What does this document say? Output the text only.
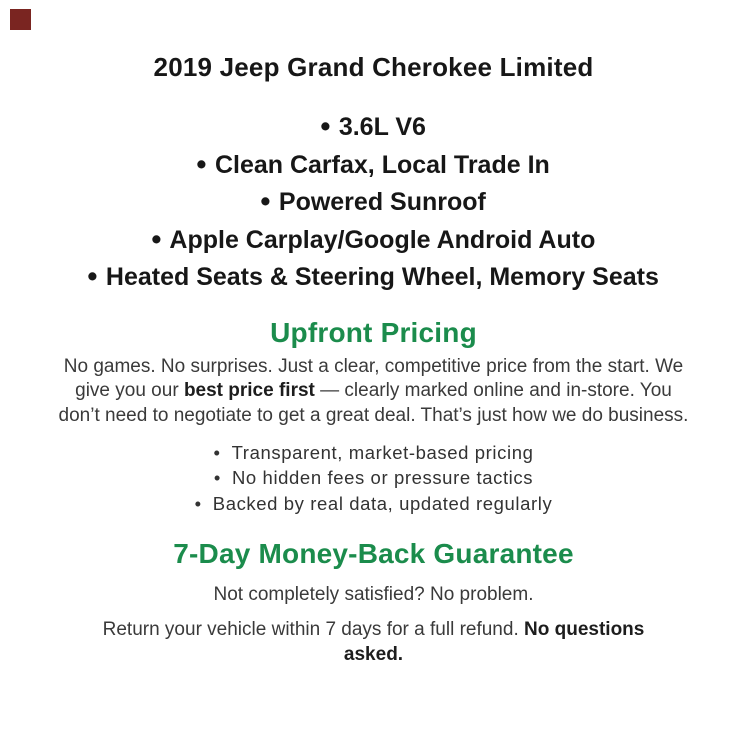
2019 Jeep Grand Cherokee Limited
• 3.6L V6
• Clean Carfax, Local Trade In
• Powered Sunroof
• Apple Carplay/Google Android Auto
• Heated Seats & Steering Wheel, Memory Seats
Upfront Pricing

No games. No surprises. Just a clear, competitive price from the start. We give you our best price first — clearly marked online and in-store. You don’t need to negotiate to get a great deal. That’s just how we do business.

• Transparent, market-based pricing
• No hidden fees or pressure tactics
• Backed by real data, updated regularly
7-Day Money-Back Guarantee

Not completely satisfied? No problem.

Return your vehicle within 7 days for a full refund. No questions asked.
